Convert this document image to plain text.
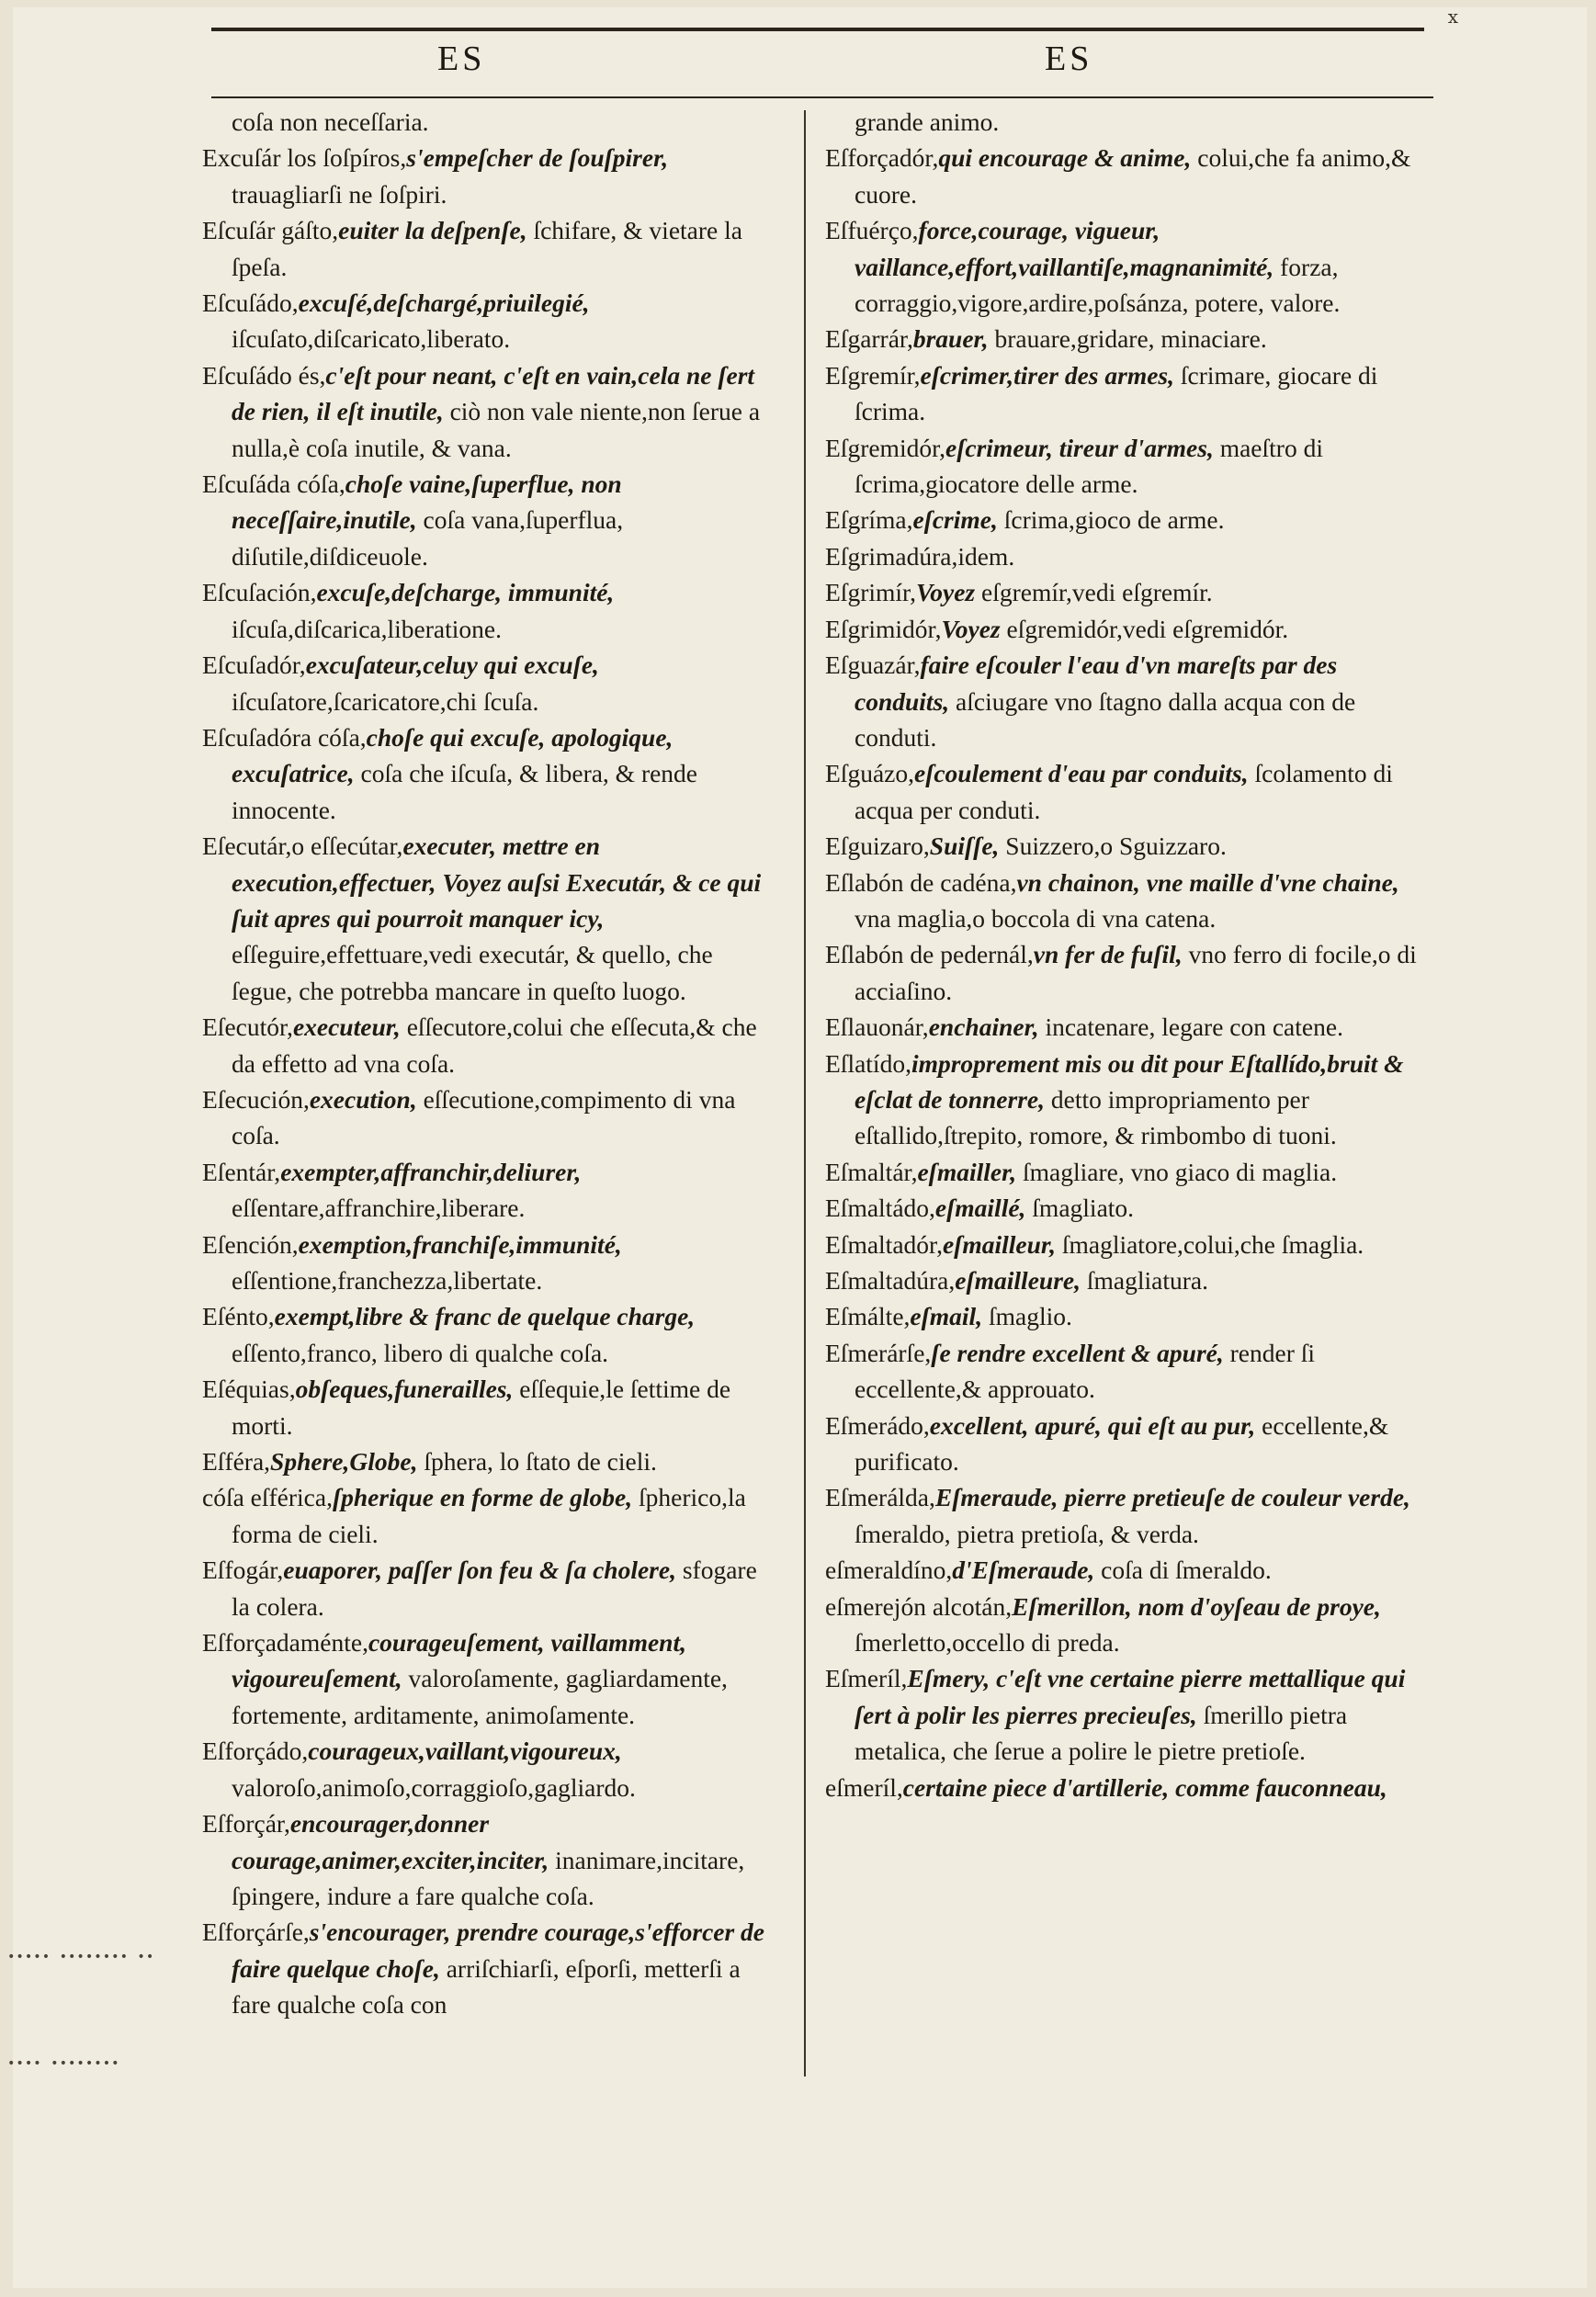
ES	ES
x

coſa non neceſſaria.

Excuſár los ſoſpíros,s'empeſcher de ſouſpirer, trauagliarſi ne ſoſpiri.

Eſcuſár gáſto,euiter la deſpenſe, ſchifare, & vietare la ſpeſa.

Eſcuſádo,excuſé,deſchargé,priuilegié, iſcuſato,diſcaricato,liberato.

Eſcuſádo és,c'eſt pour neant, c'eſt en vain,cela ne ſert de rien, il eſt inutile, ciò non vale niente,non ſerue a nulla,è coſa inutile, & vana.

Eſcuſáda cóſa,choſe vaine,ſuperflue, non neceſſaire,inutile, coſa vana,ſuperflua, diſutile,diſdiceuole.

Eſcuſación,excuſe,deſcharge, immunité, iſcuſa,diſcarica,liberatione.

Eſcuſadór,excuſateur,celuy qui excuſe, iſcuſatore,ſcaricatore,chi ſcuſa.

Eſcuſadóra cóſa,choſe qui excuſe, apologique, excuſatrice, coſa che iſcuſa, & libera, & rende innocente.

Eſecutár,o eſſecútar,executer, mettre en execution,effectuer, Voyez auſsi Executár, & ce qui ſuit apres qui pourroit manquer icy, eſſeguire,effettuare,vedi executár, & quello, che ſegue, che potrebba mancare in queſto luogo.

Eſecutór,executeur, eſſecutore,colui che eſſecuta,& che da effetto ad vna coſa.

Eſecución,execution, eſſecutione,compimento di vna coſa.

Eſentár,exempter,affranchir,deliurer, eſſentare,affranchire,liberare.

Eſención,exemption,franchiſe,immunité, eſſentione,franchezza,libertate.

Eſénto,exempt,libre & franc de quelque charge, eſſento,franco, libero di qualche coſa.

Eſéquias,obſeques,funerailles, eſſequie,le ſettime de morti.

Eſféra,Sphere,Globe, ſphera, lo ſtato de cieli.

cóſa eſférica,ſpherique en forme de globe, ſpherico,la forma de cieli.

Eſfogár,euaporer, paſſer ſon feu & ſa cholere, sfogare la colera.

Eſforçadaménte,courageuſement, vaillamment, vigoureuſement, valoroſamente, gagliardamente, fortemente, arditamente, animoſamente.

Eſforçádo,courageux,vaillant,vigoureux, valoroſo,animoſo,corraggioſo,gagliardo.

Eſforçár,encourager,donner courage,animer,exciter,inciter, inanimare,incitare, ſpingere, indure a fare qualche coſa.

Eſforçárſe,s'encourager, prendre courage,s'efforcer de faire quelque choſe, arriſchiarſi, eſporſi, metterſi a fare qualche coſa con

grande animo.

Eſforçadór,qui encourage & anime, colui,che fa animo,& cuore.

Eſfuérço,force,courage, vigueur, vaillance,effort,vaillantiſe,magnanimité, forza, corraggio,vigore,ardire,poſsánza, potere, valore.

Eſgarrár,brauer, brauare,gridare, minaciare.

Eſgremír,eſcrimer,tirer des armes, ſcrimare, giocare di ſcrima.

Eſgremidór,eſcrimeur, tireur d'armes, maeſtro di ſcrima,giocatore delle arme.

Eſgríma,eſcrime, ſcrima,gioco de arme.

Eſgrimadúra,idem.

Eſgrimír,Voyez eſgremír,vedi eſgremír.

Eſgrimidór,Voyez eſgremidór,vedi eſgremidór.

Eſguazár,faire eſcouler l'eau d'vn mareſts par des conduits, aſciugare vno ſtagno dalla acqua con de conduti.

Eſguázo,eſcoulement d'eau par conduits, ſcolamento di acqua per conduti.

Eſguizaro,Suiſſe, Suizzero,o Sguizzaro.

Eſlabón de cadéna,vn chainon, vne maille d'vne chaine, vna maglia,o boccola di vna catena.

Eſlabón de pedernál,vn fer de fuſil, vno ferro di focile,o di acciaſino.

Eſlauonár,enchainer, incatenare, legare con catene.

Eſlatído,improprement mis ou dit pour Eſtallído,bruit & eſclat de tonnerre, detto impropriamento per eſtallido,ſtrepito, romore, & rimbombo di tuoni.

Eſmaltár,eſmailler, ſmagliare, vno giaco di maglia.

Eſmaltádo,eſmaillé, ſmagliato.

Eſmaltadór,eſmailleur, ſmagliatore,colui,che ſmaglia.

Eſmaltadúra,eſmailleure, ſmagliatura.

Eſmálte,eſmail, ſmaglio.

Eſmerárſe,ſe rendre excellent & apuré, render ſi eccellente,& approuato.

Eſmerádo,excellent, apuré, qui eſt au pur, eccellente,& purificato.

Eſmerálda,Eſmeraude, pierre pretieuſe de couleur verde, ſmeraldo, pietra pretioſa, & verda.

eſmeraldíno,d'Eſmeraude, coſa di ſmeraldo.

eſmerejón alcotán,Eſmerillon, nom d'oyſeau de proye, ſmerletto,occello di preda.

Eſmeríl,Eſmery, c'eſt vne certaine pierre mettallique qui ſert à polir les pierres precieuſes, ſmerillo pietra metalica, che ſerue a polire le pietre pretioſe.

eſmeríl,certaine piece d'artillerie, comme fauconneau,

••••• •••••••• ••
•••• ••••••••
